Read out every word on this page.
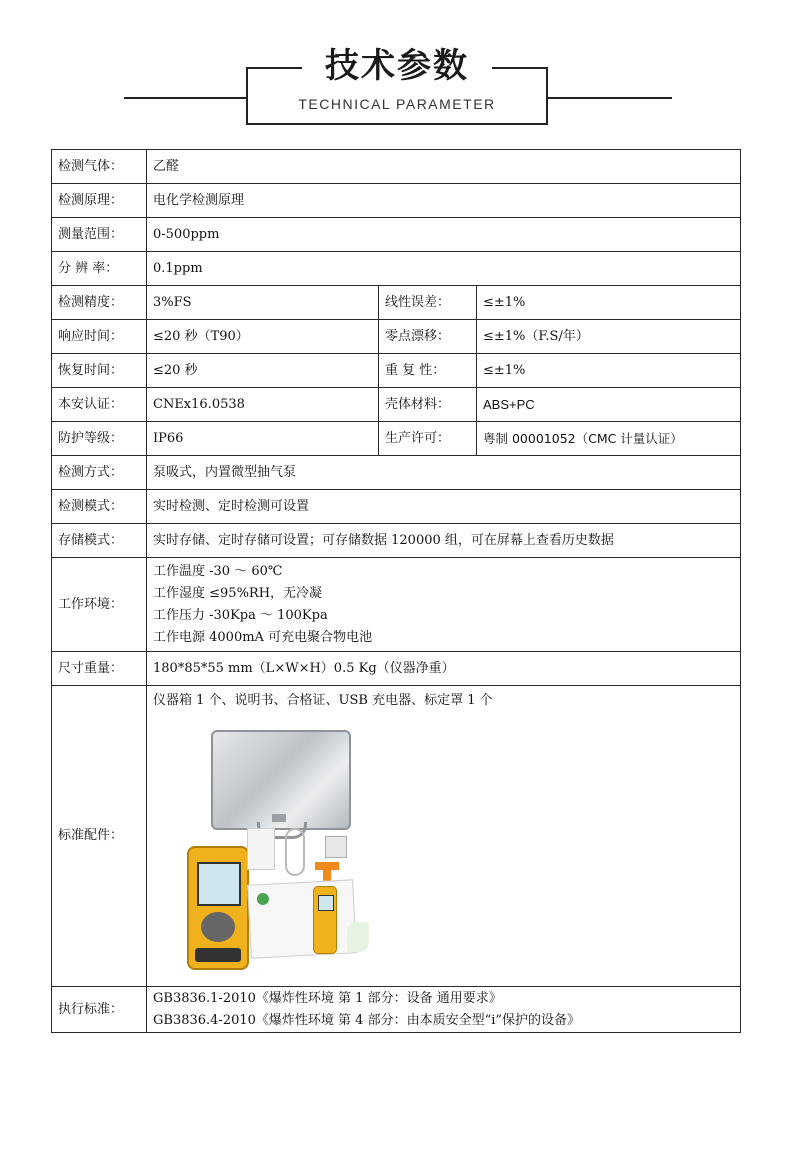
技术参数
TECHNICAL PARAMETER
检测气体：	乙醛		
检测原理：	电化学检测原理		
测量范围：	0-500ppm		
分 辨 率：	0.1ppm		
检测精度：	3%FS	线性误差：	≤±1%
响应时间：	≤20 秒（T90）	零点漂移：	≤±1%（F.S/年）
恢复时间：	≤20 秒	重 复 性：	≤±1%
本安认证：	CNEx16.0538	壳体材料：	ABS+PC
防护等级：	IP66	生产许可：	粤制 00001052（CMC 计量认证）
检测方式：	泵吸式，内置微型抽气泵		
检测模式：	实时检测、定时检测可设置		
存储模式：	实时存储、定时存储可设置；可存储数据 120000 组，可在屏幕上查看历史数据		
工作环境：	工作温度 -30 ～ 60℃
工作湿度 ≤95%RH，无冷凝
工作压力 -30Kpa ～ 100Kpa
工作电源 4000mA 可充电聚合物电池		

尺寸重量：	180*85*55 mm（L×W×H）0.5 Kg（仪器净重）		
标准配件：	仪器箱 1 个、说明书、合格证、USB 充电器、标定罩 1 个		

执行标准：	GB3836.1-2010《爆炸性环境 第 1 部分：设备 通用要求》
GB3836.4-2010《爆炸性环境 第 4 部分：由本质安全型“i”保护的设备》		
